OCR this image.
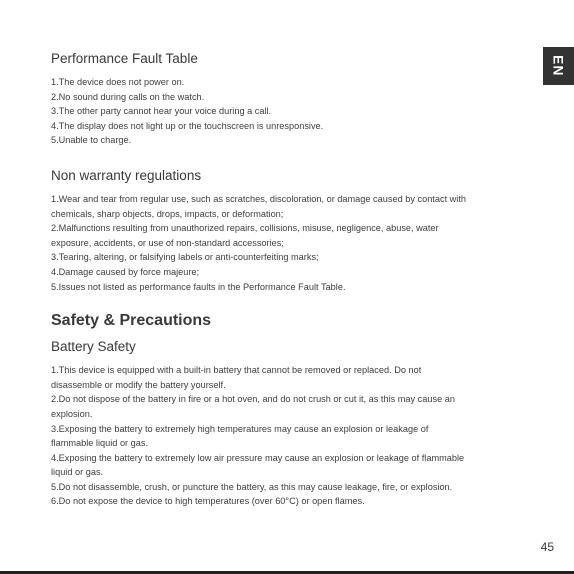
EN
Performance Fault Table
1.The device does not power on.
2.No sound during calls on the watch.
3.The other party cannot hear your voice during a call.
4.The display does not light up or the touchscreen is unresponsive.
5.Unable to charge.
Non warranty regulations
1.Wear and tear from regular use, such as scratches, discoloration, or damage caused by contact with
chemicals, sharp objects, drops, impacts, or deformation;
2.Malfunctions resulting from unauthorized repairs, collisions, misuse, negligence, abuse, water
exposure, accidents, or use of non-standard accessories;
3.Tearing, altering, or falsifying labels or anti-counterfeiting marks;
4.Damage caused by force majeure;
5.Issues not listed as performance faults in the Performance Fault Table.
Safety & Precautions
Battery Safety
1.This device is equipped with a built-in battery that cannot be removed or replaced. Do not
disassemble or modify the battery yourself.
2.Do not dispose of the battery in fire or a hot oven, and do not crush or cut it, as this may cause an
explosion.
3.Exposing the battery to extremely high temperatures may cause an explosion or leakage of
flammable liquid or gas.
4.Exposing the battery to extremely low air pressure may cause an explosion or leakage of flammable
liquid or gas.
5.Do not disassemble, crush, or puncture the battery, as this may cause leakage, fire, or explosion.
6.Do not expose the device to high temperatures (over 60°C) or open flames.
45
